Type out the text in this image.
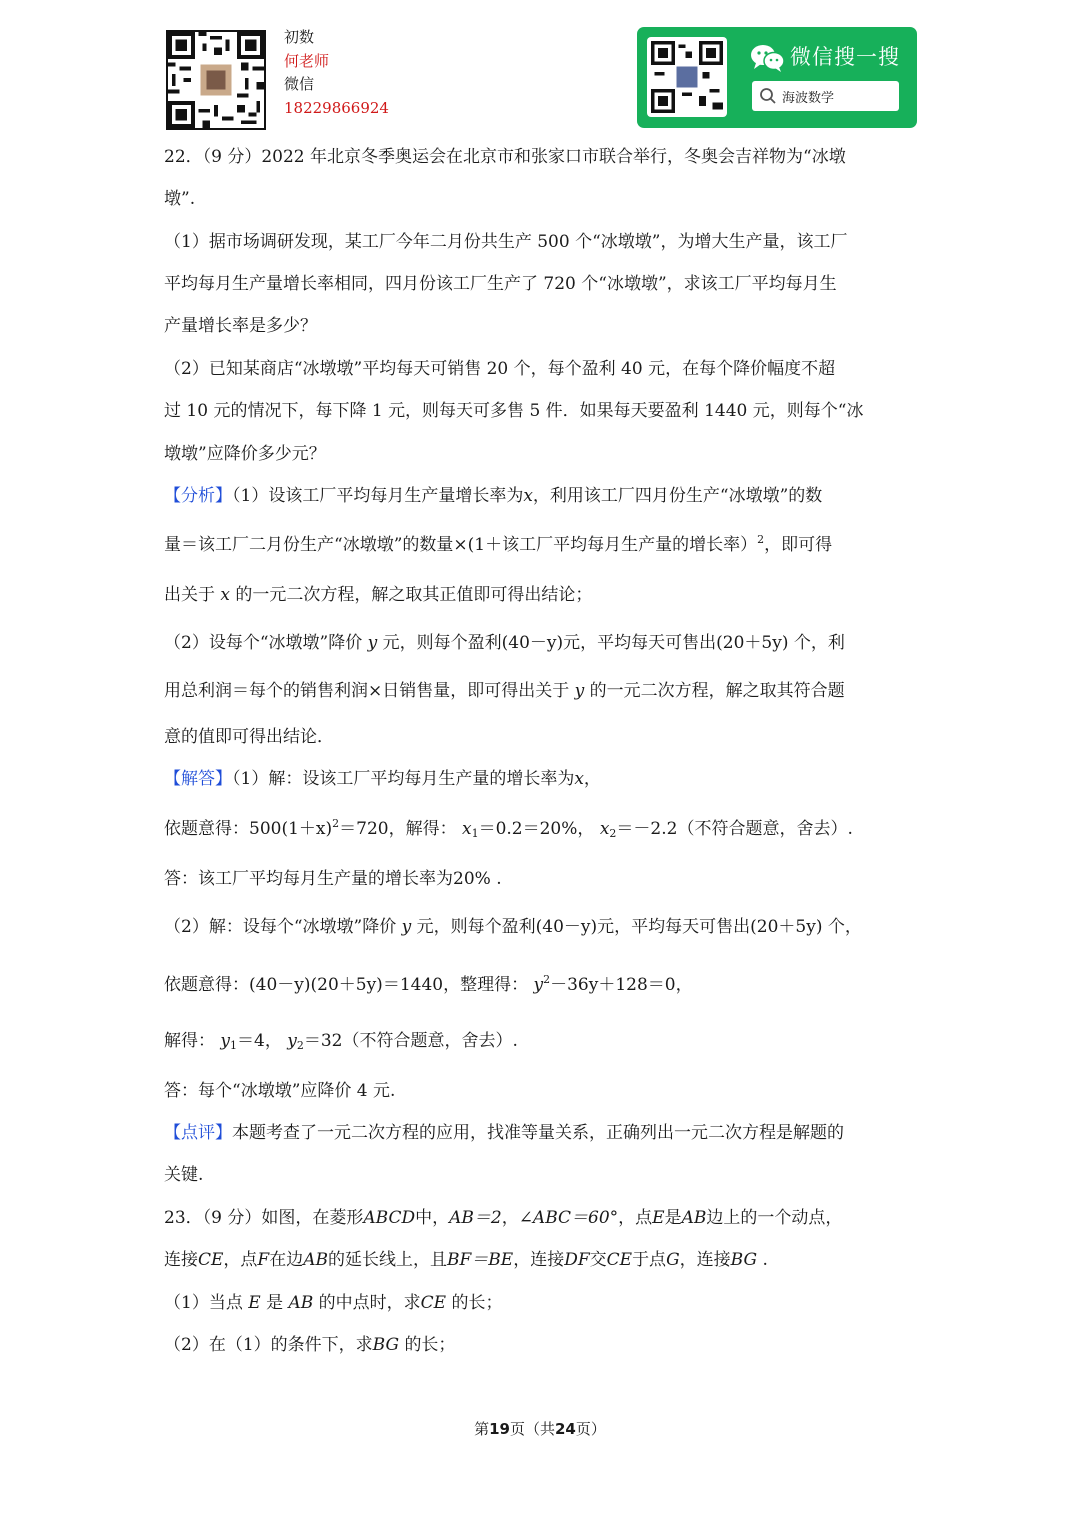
初数
何老师
微信
18229866924
微信搜一搜
海波数学
22．（9 分）2022 年北京冬季奥运会在北京市和张家口市联合举行，冬奥会吉祥物为“冰墩
墩”.
（1）据市场调研发现，某工厂今年二月份共生产 500 个“冰墩墩”，为增大生产量，该工厂
平均每月生产量增长率相同，四月份该工厂生产了 720 个“冰墩墩”，求该工厂平均每月生
产量增长率是多少？
（2）已知某商店“冰墩墩”平均每天可销售 20 个，每个盈利 40 元，在每个降价幅度不超
过 10 元的情况下，每下降 1 元，则每天可多售 5 件．如果每天要盈利 1440 元，则每个“冰
墩墩”应降价多少元？
【分析】（1）设该工厂平均每月生产量增长率为x，利用该工厂四月份生产“冰墩墩”的数
量＝该工厂二月份生产“冰墩墩”的数量×(1＋该工厂平均每月生产量的增长率）$^2$，即可得
出关于 x 的一元二次方程，解之取其正值即可得出结论；
（2）设每个“冰墩墩”降价 y 元，则每个盈利(40－y)元，平均每天可售出(20＋5y) 个，利
用总利润＝每个的销售利润×日销售量，即可得出关于 y 的一元二次方程，解之取其符合题
意的值即可得出结论．
【解答】（1）解：设该工厂平均每月生产量的增长率为x，
依题意得：$500(1+x)^2=720$，解得： $x_1=0.2=20\%$， $x_2=-2.2$（不符合题意，舍去）.
答：该工厂平均每月生产量的增长率为20% .
（2）解：设每个“冰墩墩”降价 y 元，则每个盈利(40－y)元，平均每天可售出(20＋5y) 个，
依题意得：(40－y)(20＋5y)＝1440，整理得： $y^2-36y+128=0$，
解得： $y_1=4$， $y_2=32$（不符合题意，舍去）.
答：每个“冰墩墩”应降价 4 元.
【点评】本题考查了一元二次方程的应用，找准等量关系，正确列出一元二次方程是解题的
关键.
23．（9 分）如图，在菱形ABCD中，AB＝2，∠ABC＝60°，点E是AB边上的一个动点，
连接CE，点F在边AB的延长线上，且BF＝BE，连接DF交CE于点G，连接BG .
（1）当点 E 是 AB 的中点时，求CE 的长；
（2）在（1）的条件下，求BG 的长；
第19页（共24页）
